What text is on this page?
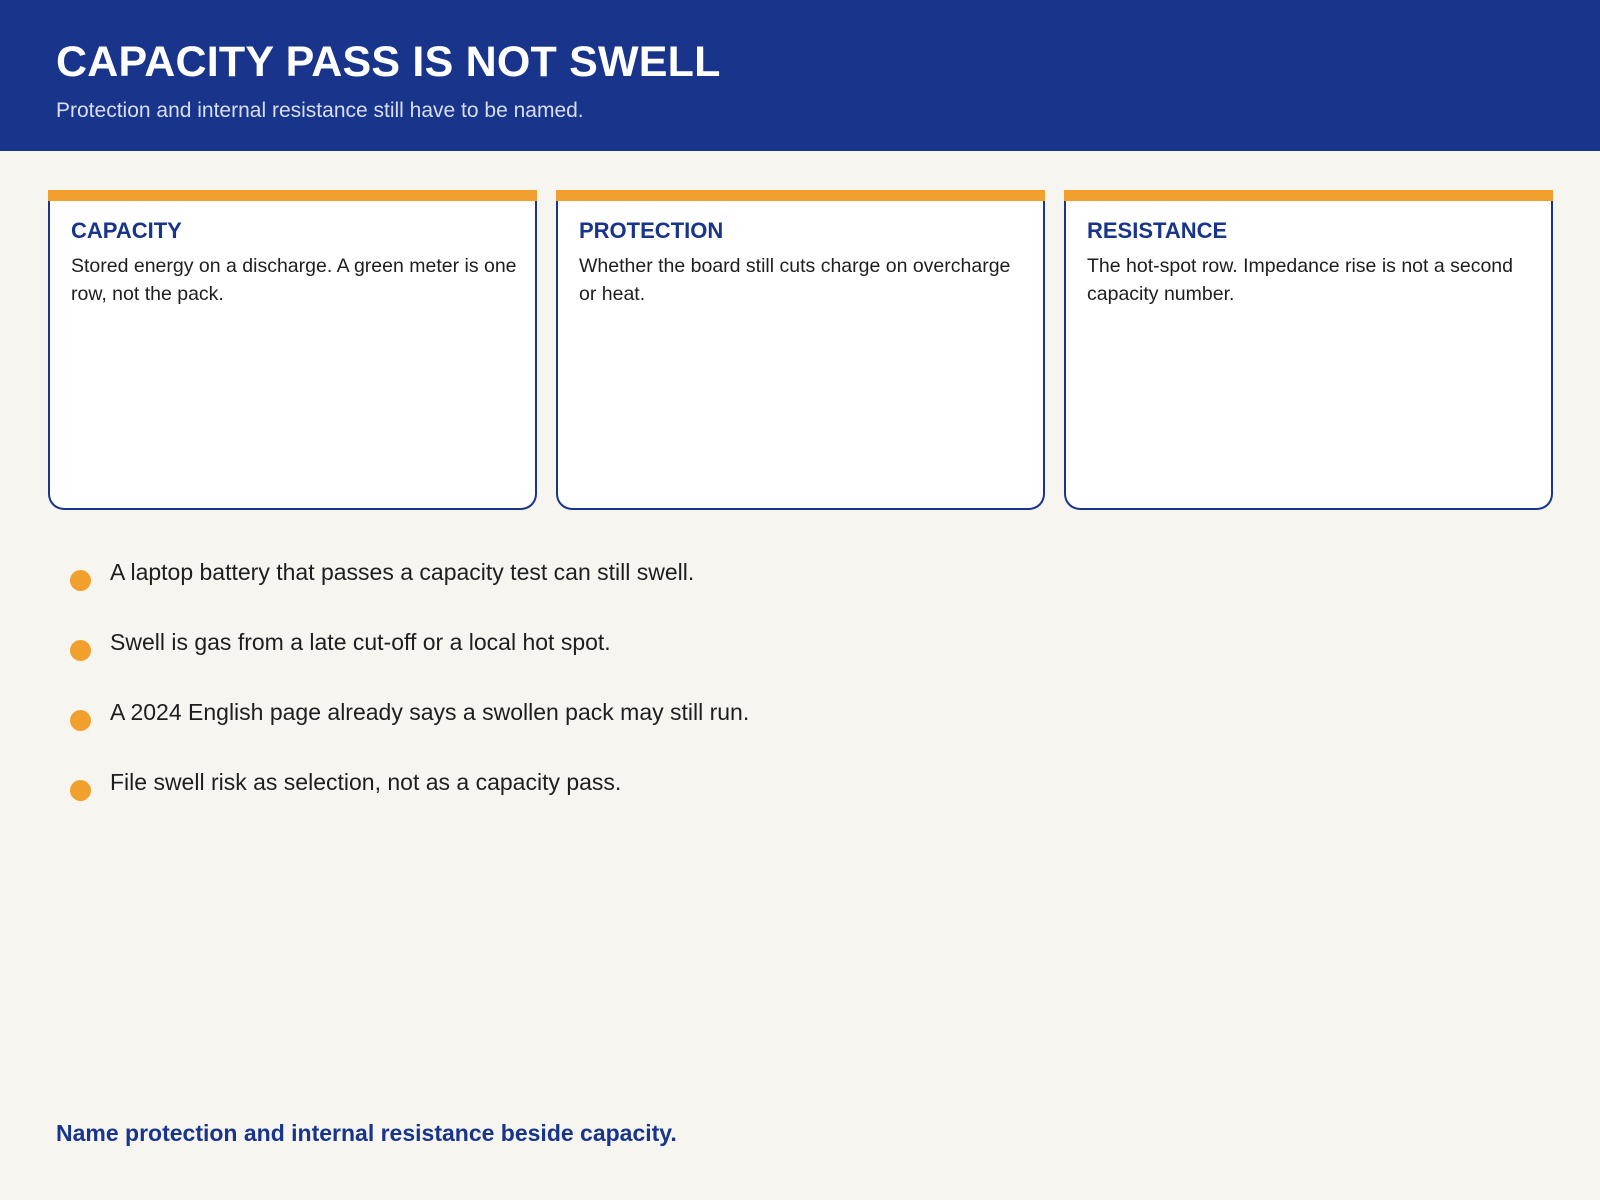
CAPACITY PASS IS NOT SWELL
Protection and internal resistance still have to be named.
CAPACITY
Stored energy on a discharge. A green meter is one row, not the pack.
PROTECTION
Whether the board still cuts charge on overcharge or heat.
RESISTANCE
The hot-spot row. Impedance rise is not a second capacity number.
A laptop battery that passes a capacity test can still swell.
Swell is gas from a late cut-off or a local hot spot.
A 2024 English page already says a swollen pack may still run.
File swell risk as selection, not as a capacity pass.
Name protection and internal resistance beside capacity.
